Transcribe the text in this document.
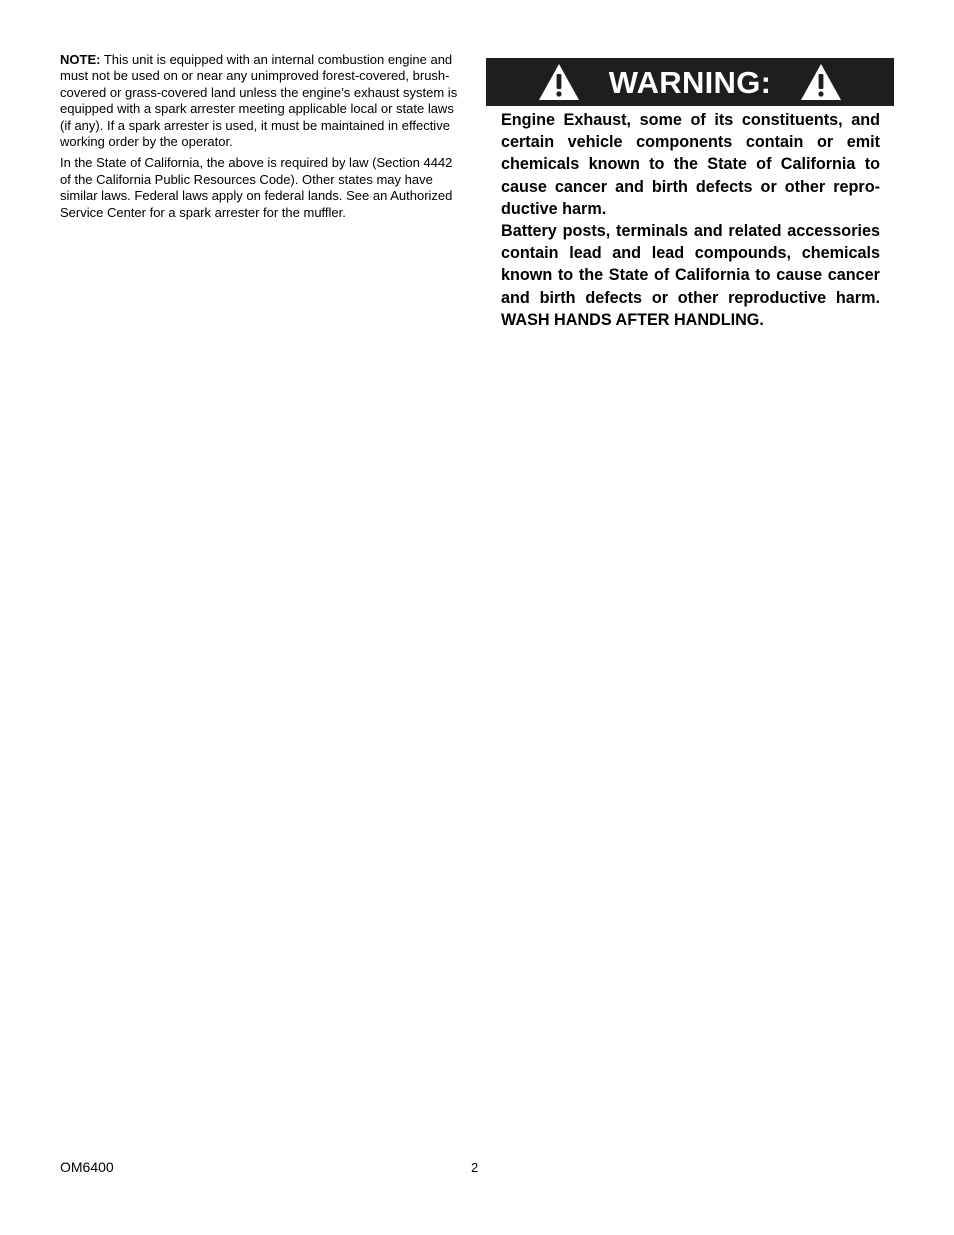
NOTE: This unit is equipped with an internal combustion engine and must not be used on or near any unimproved forest-covered, brush-covered or grass-covered land unless the engine’s exhaust system is equipped with a spark arrester meeting applicable local or state laws (if any). If a spark arrester is used, it must be maintained in effective working order by the operator.

In the State of California, the above is required by law (Section 4442 of the California Public Resources Code). Other states may have similar laws. Federal laws apply on federal lands. See an Authorized Service Center for a spark arrester for the muffler.

WARNING:

Engine Exhaust, some of its constituents, and certain vehicle components contain or emit chemicals known to the State of California to cause cancer and birth defects or other reproductive harm.

Battery posts, terminals and related accessories contain lead and lead compounds, chemicals known to the State of California to cause cancer and birth defects or other reproductive harm. WASH HANDS AFTER HANDLING.

OM6400	2
